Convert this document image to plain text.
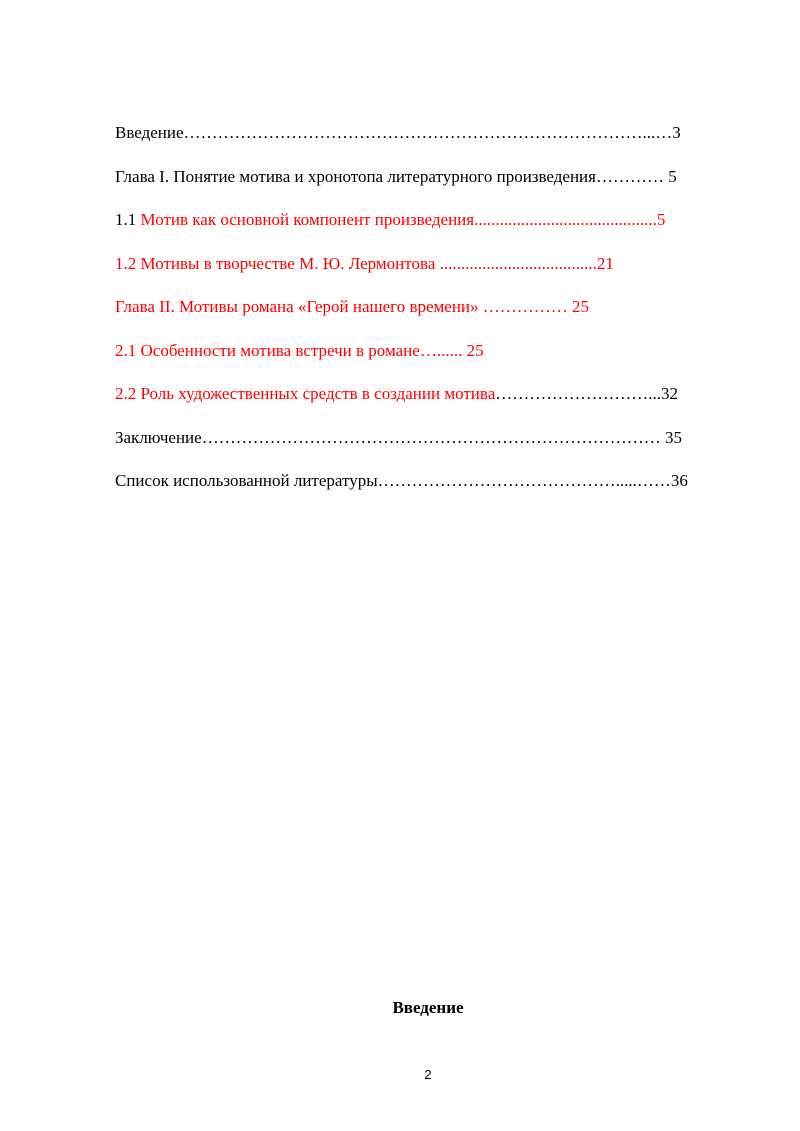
Введение………………………………………………………………………...…3
Глава I. Понятие мотива и хронотопа литературного произведения………… 5
1.1 Мотив как основной компонент произведения...........................................5
1.2 Мотивы в творчестве М. Ю. Лермонтова .....................................21
Глава II. Мотивы романа «Герой нашего времени» …………… 25
2.1 Особенности мотива встречи в романе…...... 25
2.2 Роль художественных средств в создании мотива………………………...32
Заключение……………………………………………………………………… 35
Список использованной литературы…………………………………….....……36
Введение
2
